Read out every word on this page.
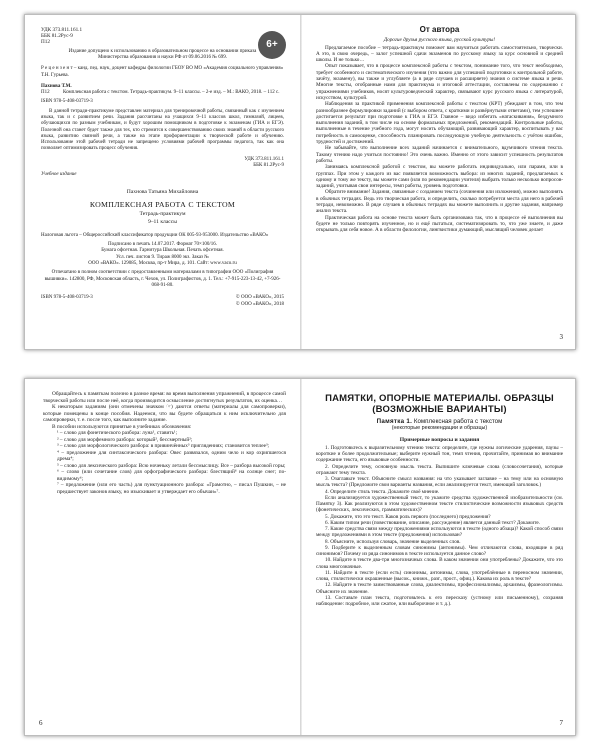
УДК 373.811.161.1
ББК 81.2Рус-9
П12
Издание допущено к использованию в образовательном процессе на основании приказа Министерства образования и науки РФ от 09.06.2016 № 699.
Р е ц е н з е н т – канд. пед. наук, доцент кафедры филологии ГБОУ ВО МО «Академия социального управления» Т.Н. Гурьева.
Пахнова Т.М.
П12	Комплексная работа с текстом. Тетрадь-практикум. 9–11 классы. – 2-е изд. – М.: ВАКО, 2018. – 112 с.
ISBN 978-5-408-03719-3
В данной тетради-практикуме представлен материал для тренировочной работы, связанный как с изучением языка, так и с развитием речи. Задания рассчитаны на учащихся 9–11 классов школ, гимназий, лицеев, обучающихся по разным учебникам, и будут хорошим помощником в подготовке к экзаменам (ГИА и ЕГЭ). Полезной она станет будет также для тех, кто стремится к совершенствованию своих знаний в области русского языка, развитию связной речи, а также на этапе профориентации к творческой работе и обучению. Использование этой рабочей тетради не запрещено условиями рабочей программы педагога, так как она позволяет оптимизировать процесс обучения.
УДК 373.811.161.1
ББК 81.2Рус-9
Учебное издание
Пахнова Татьяна Михайловна
КОМПЛЕКСНАЯ РАБОТА С ТЕКСТОМ
Тетрадь-практикум
9–11 классы
Налоговая льгота – Общероссийский классификатор продукции ОК 005-93-953000. Издательство «ВАКО»
Подписано в печать 14.07.2017. Формат 70×100/16.
Бумага офсетная. Гарнитура Школьная. Печать офсетная.
Усл. печ. листов 9. Тираж 8000 экз. Заказ №
ООО «ВАКО». 129085, Москва, пр-т Мира, д. 101. Сайт: www.vaco.ru
Отпечатано в полном соответствии с предоставленными материалами в типографии ООО «Полиграфия вышивки». 142800, РФ, Московская область, г. Чехов, ул. Полиграфистов, д. 1. Тел.: +7-915-223-13-42, +7-926-068-91-80.
ISBN 978-5-408-03719-3	© ООО «ВАКО», 2015
© ООО «ВАКО», 2018
6+
От автора
Дорогие друзья русского языка, русской культуры!

Предлагаемое пособие – тетрадь-практикум поможет вам научиться работать самостоятельно, творчески. А это, в свою очередь, – залог успешной сдачи экзаменов по русскому языку за курс основной и средней школы. И не только…

Опыт показывает, что в процессе комплексной работы с текстом, понимание того, что текст необходимо, требует особенного и систематического изучения (что важно для успешной подготовки к контрольной работе, зачёту, экзамену), вы также и углубляете (а в ряде случаев и расширяете) знания о системе языка и речи. Многие тексты, отобранные нами для практикума и итоговой аттестации, составлены по содержанию с упражнениями учебников, носят культуроведческий характер, связывают курс русского языка с литературой, искусством, культурой.

Наблюдения за практикой применения комплексной работы с текстом (КРТ) убеждают в том, что тем разнообразнее формулировки заданий (с выбором ответа, с краткими и развёрнутыми ответами), тем успешнее достигается результат при подготовке к ГИА и ЕГЭ. Главное – видо избегать «натаскивания», бездумного выполнения заданий, в том числе на основе формальных предложений, рекомендаций. Контрольные работы, выполненные в течение учебного года, могут носить обучающий, развивающий характер, воспитывать у вас потребность в самооценке, способность планировать последующую учебную деятельность с учётом ошибок, трудностей и достижений.

Не забывайте, что выполнение всех заданий начинается с внимательного, вдумчивого чтения текста. Такому чтению надо учиться постоянно! Это очень важно. Именно от этого зависит успешность результатов работы.

Занимаясь комплексной работой с текстом, вы можете работать индивидуально, или парами, или в группах. При этом у каждого из вас появляется возможность выбора: из многих заданий, предлагаемых к одному и тому же тексту, вы можете сами (или по рекомендации учителя) выбрать только несколько вопросов-заданий, учитывая свои интересы, темп работы, уровень подготовки.

Обратите внимание! Задания, связанные с созданием текста (сочинения или изложения), можно выполнять в обычных тетрадях. Ведь это творческая работа, и определить, сколько потребуется места для него в рабочей тетради, невозможно. В ряде случаев в обычных тетрадях вы можете выполнить и другие задания, например анализ текста.

Практическая работа на основе текста может быть организована так, что в процессе её выполнения вы будете не только повторять изученное, но и ещё пытаться, систематизировать то, что уже знаете, и даже открывать для себя новое. А в области филологии, лингвистики думающий, мыслящий человек делает

3

Обращайтесь к памяткам полезно в разное время: во время выполнения упражнений, в процессе самой творческой работы или после неё, когда производится осмысление достигнутых результатов, их оценка…

К некоторым заданиям (они отмечены значком ☞) даются ответы (материалы для самопроверки), которые помещены в конце пособия. Надеемся, что вы будете обращаться к ним исключительно для самопроверки, т. е. после того, как выполните задание.

В пособии используются принятые в учебниках обозначения:

¹ – слово для фонетического разбора: луна¹, ставить¹;

² – слово для морфемного разбора: который², бессмертный²;

³ – слово для морфологического разбора: в привинчённых³ приглядениях; становится теплее³;

⁴ – предложение для синтаксического разбора: Овес развязался, одним чело и кор охрипшегося дрема⁴;

⁵ – слово для лексического разбора: Всю ноченьку летали бессмыслицу. Все – разбора высокой горы;

⁶ – слово (или сочетание слов) для орфографического разбора: блестящий⁶ на солнце снег; по-видимому⁶;

⁷ – предложение (или его часть) для пунктуационного разбора: «Грамотно, – писал Пушкин, – не предшествует законов языку, но изыскивает и утверждает его обычаи»⁷.

6
ПАМЯТКИ, ОПОРНЫЕ МАТЕРИАЛЫ. ОБРАЗЦЫ (ВОЗМОЖНЫЕ ВАРИАНТЫ)
Памятка 1. Комплексная работа с текстом
(некоторые рекомендации и образцы)
Примерные вопросы и задания

1. Подготовьтесь к выразительному чтению текста: определите, где нужны логические ударения, паузы – короткие и более продолжительные; выберите нужный тон, темп чтения, прочитайте, принимая во внимание содержание текста, его языковые особенности.

2. Определите тему, основную мысль текста. Выпишите ключевые слова (словосочетания), которые отражают тему текста.

3. Озаглавьте текст. Объясните смысл названия: на что указывает заглавие – на тему или на основную мысль текста? (Предложите свои варианты названия, если анализируется текст, имеющий заголовок.)

4. Определите стиль текста. Докажите своё мнение.

Если анализируется художественный текст, то укажите средства художественной изобразительности (см. Памятку 3). Как реализуются в этом художественном тексте стилистические возможности языковых средств (фонетических, лексических, грамматических)?

5. Докажите, что это текст. Каков роль первого (последнего) предложения?

6. Каким типом речи (повествование, описание, рассуждение) является данный текст? Докажите.

7. Какие средства связи между предложениями используются в тексте (одного абзаца)? Какой способ связи между предложениями в этом тексте (предложения) использован?

8. Объясните, используя словарь, значение выделенных слов.

9. Подберите к выделенным словам синонимы (антонимы). Чем отличаются слова, входящие в ряд синонимов? Почему из ряда синонимов в тексте используется данное слово?

10. Найдите в тексте два-три многозначных слова. В каком значении они употреблены? Докажите, что это слова многозначные.

11. Найдите в тексте (если есть) синонимы, антонимы, слова, употреблённые в переносном значении, слова, стилистически окрашенные (высок., книжн., разг., прост., офиц.). Какова их роль в тексте?

12. Найдите в тексте заимствованные слова, диалектизмы, профессионализмы, архаизмы, фразеологизмы. Объясните их значение.

13. Составьте план текста, подготовьтесь к его пересказу (устному или письменному), сохраняя наблюдение: подробное, или сжатое, или выборочное и т. д.).

7
